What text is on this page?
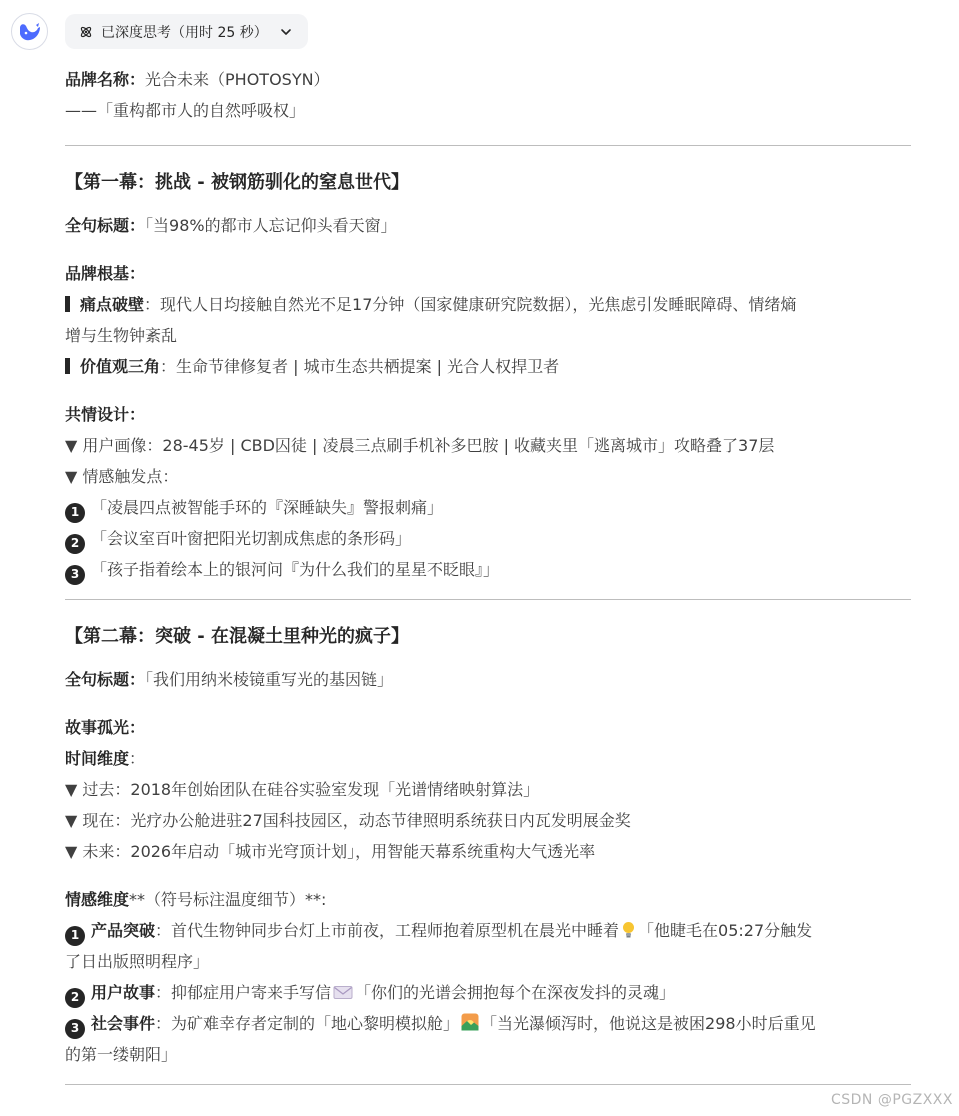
已深度思考（用时 25 秒）
品牌名称：光合未来（PHOTOSYN）
——「重构都市人的自然呼吸权」
【第一幕：挑战 - 被钢筋驯化的窒息世代】
全句标题：「当98%的都市人忘记仰头看天窗」
品牌根基：
痛点破壁：现代人日均接触自然光不足17分钟（国家健康研究院数据），光焦虑引发睡眠障碍、情绪熵
增与生物钟紊乱
价值观三角：生命节律修复者 | 城市生态共栖提案 | 光合人权捍卫者
共情设计：
▼ 用户画像：28-45岁 | CBD囚徒 | 凌晨三点刷手机补多巴胺 | 收藏夹里「逃离城市」攻略叠了37层
▼ 情感触发点：
1 「凌晨四点被智能手环的『深睡缺失』警报刺痛」
2 「会议室百叶窗把阳光切割成焦虑的条形码」
3 「孩子指着绘本上的银河问『为什么我们的星星不眨眼』」
【第二幕：突破 - 在混凝土里种光的疯子】
全句标题：「我们用纳米棱镜重写光的基因链」
故事孤光：
时间维度：
▼ 过去：2018年创始团队在硅谷实验室发现「光谱情绪映射算法」
▼ 现在：光疗办公舱进驻27国科技园区，动态节律照明系统获日内瓦发明展金奖
▼ 未来：2026年启动「城市光穹顶计划」，用智能天幕系统重构大气透光率
情感维度**（符号标注温度细节）**:
1 产品突破：首代生物钟同步台灯上市前夜，工程师抱着原型机在晨光中睡着 「他睫毛在05:27分触发
了日出版照明程序」
2 用户故事：抑郁症用户寄来手写信 「你们的光谱会拥抱每个在深夜发抖的灵魂」
3 社会事件：为矿难幸存者定制的「地心黎明模拟舱」 「当光瀑倾泻时，他说这是被困298小时后重见
的第一缕朝阳」
CSDN @PGZXXX
